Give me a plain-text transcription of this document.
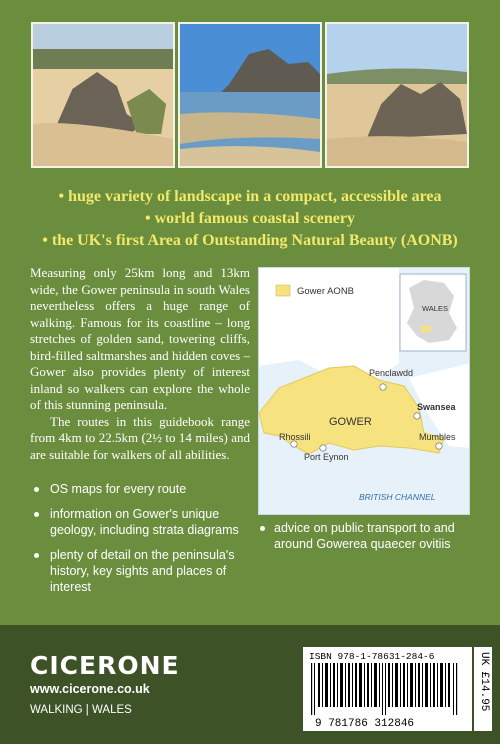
• huge variety of landscape in a compact, accessible area
• world famous coastal scenery
• the UK's first Area of Outstanding Natural Beauty (AONB)

Measuring only 25km long and 13km wide, the Gower peninsula in south Wales nevertheless offers a huge range of walking. Famous for its coastline – long stretches of golden sand, towering cliffs, bird-filled saltmarshes and hidden coves – Gower also provides plenty of interest inland so walkers can explore the whole of this stunning peninsula.

The routes in this guidebook range from 4km to 22.5km (2½ to 14 miles) and are suitable for walkers of all abilities.

OS maps for every route
information on Gower's unique geology, including strata diagrams
plenty of detail on the peninsula's history, key sights and places of interest
Gower AONB
WALES
Penclawdd
Swansea
GOWER
Rhossili
Port Eynon
Mumbles
BRITISH CHANNEL
advice on public transport to and around Gowerea quaecer ovitiis
CICERONE
www.cicerone.co.uk
WALKING | WALES
ISBN 978-1-78631-284-6
9 781786 312846
UK £14.95
